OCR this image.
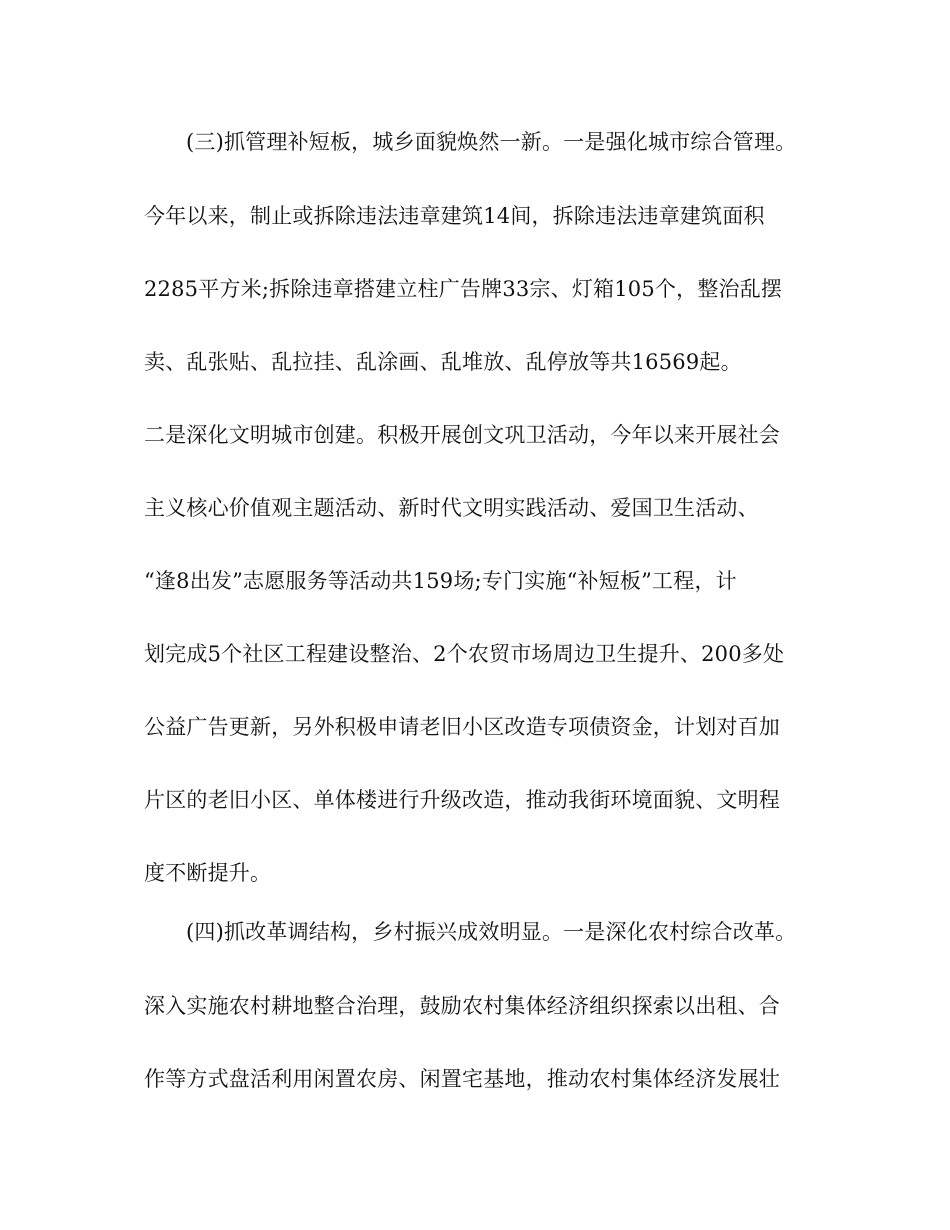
(三)抓管理补短板，城乡面貌焕然一新。一是强化城市综合管理。
今年以来，制止或拆除违法违章建筑14间，拆除违法违章建筑面积
2285平方米;拆除违章搭建立柱广告牌33宗、灯箱105个，整治乱摆
卖、乱张贴、乱拉挂、乱涂画、乱堆放、乱停放等共16569起。
二是深化文明城市创建。积极开展创文巩卫活动，今年以来开展社会
主义核心价值观主题活动、新时代文明实践活动、爱国卫生活动、
“逢8出发”志愿服务等活动共159场;专门实施“补短板”工程，计
划完成5个社区工程建设整治、2个农贸市场周边卫生提升、200多处
公益广告更新，另外积极申请老旧小区改造专项债资金，计划对百加
片区的老旧小区、单体楼进行升级改造，推动我街环境面貌、文明程
度不断提升。
(四)抓改革调结构，乡村振兴成效明显。一是深化农村综合改革。
深入实施农村耕地整合治理，鼓励农村集体经济组织探索以出租、合
作等方式盘活利用闲置农房、闲置宅基地，推动农村集体经济发展壮
